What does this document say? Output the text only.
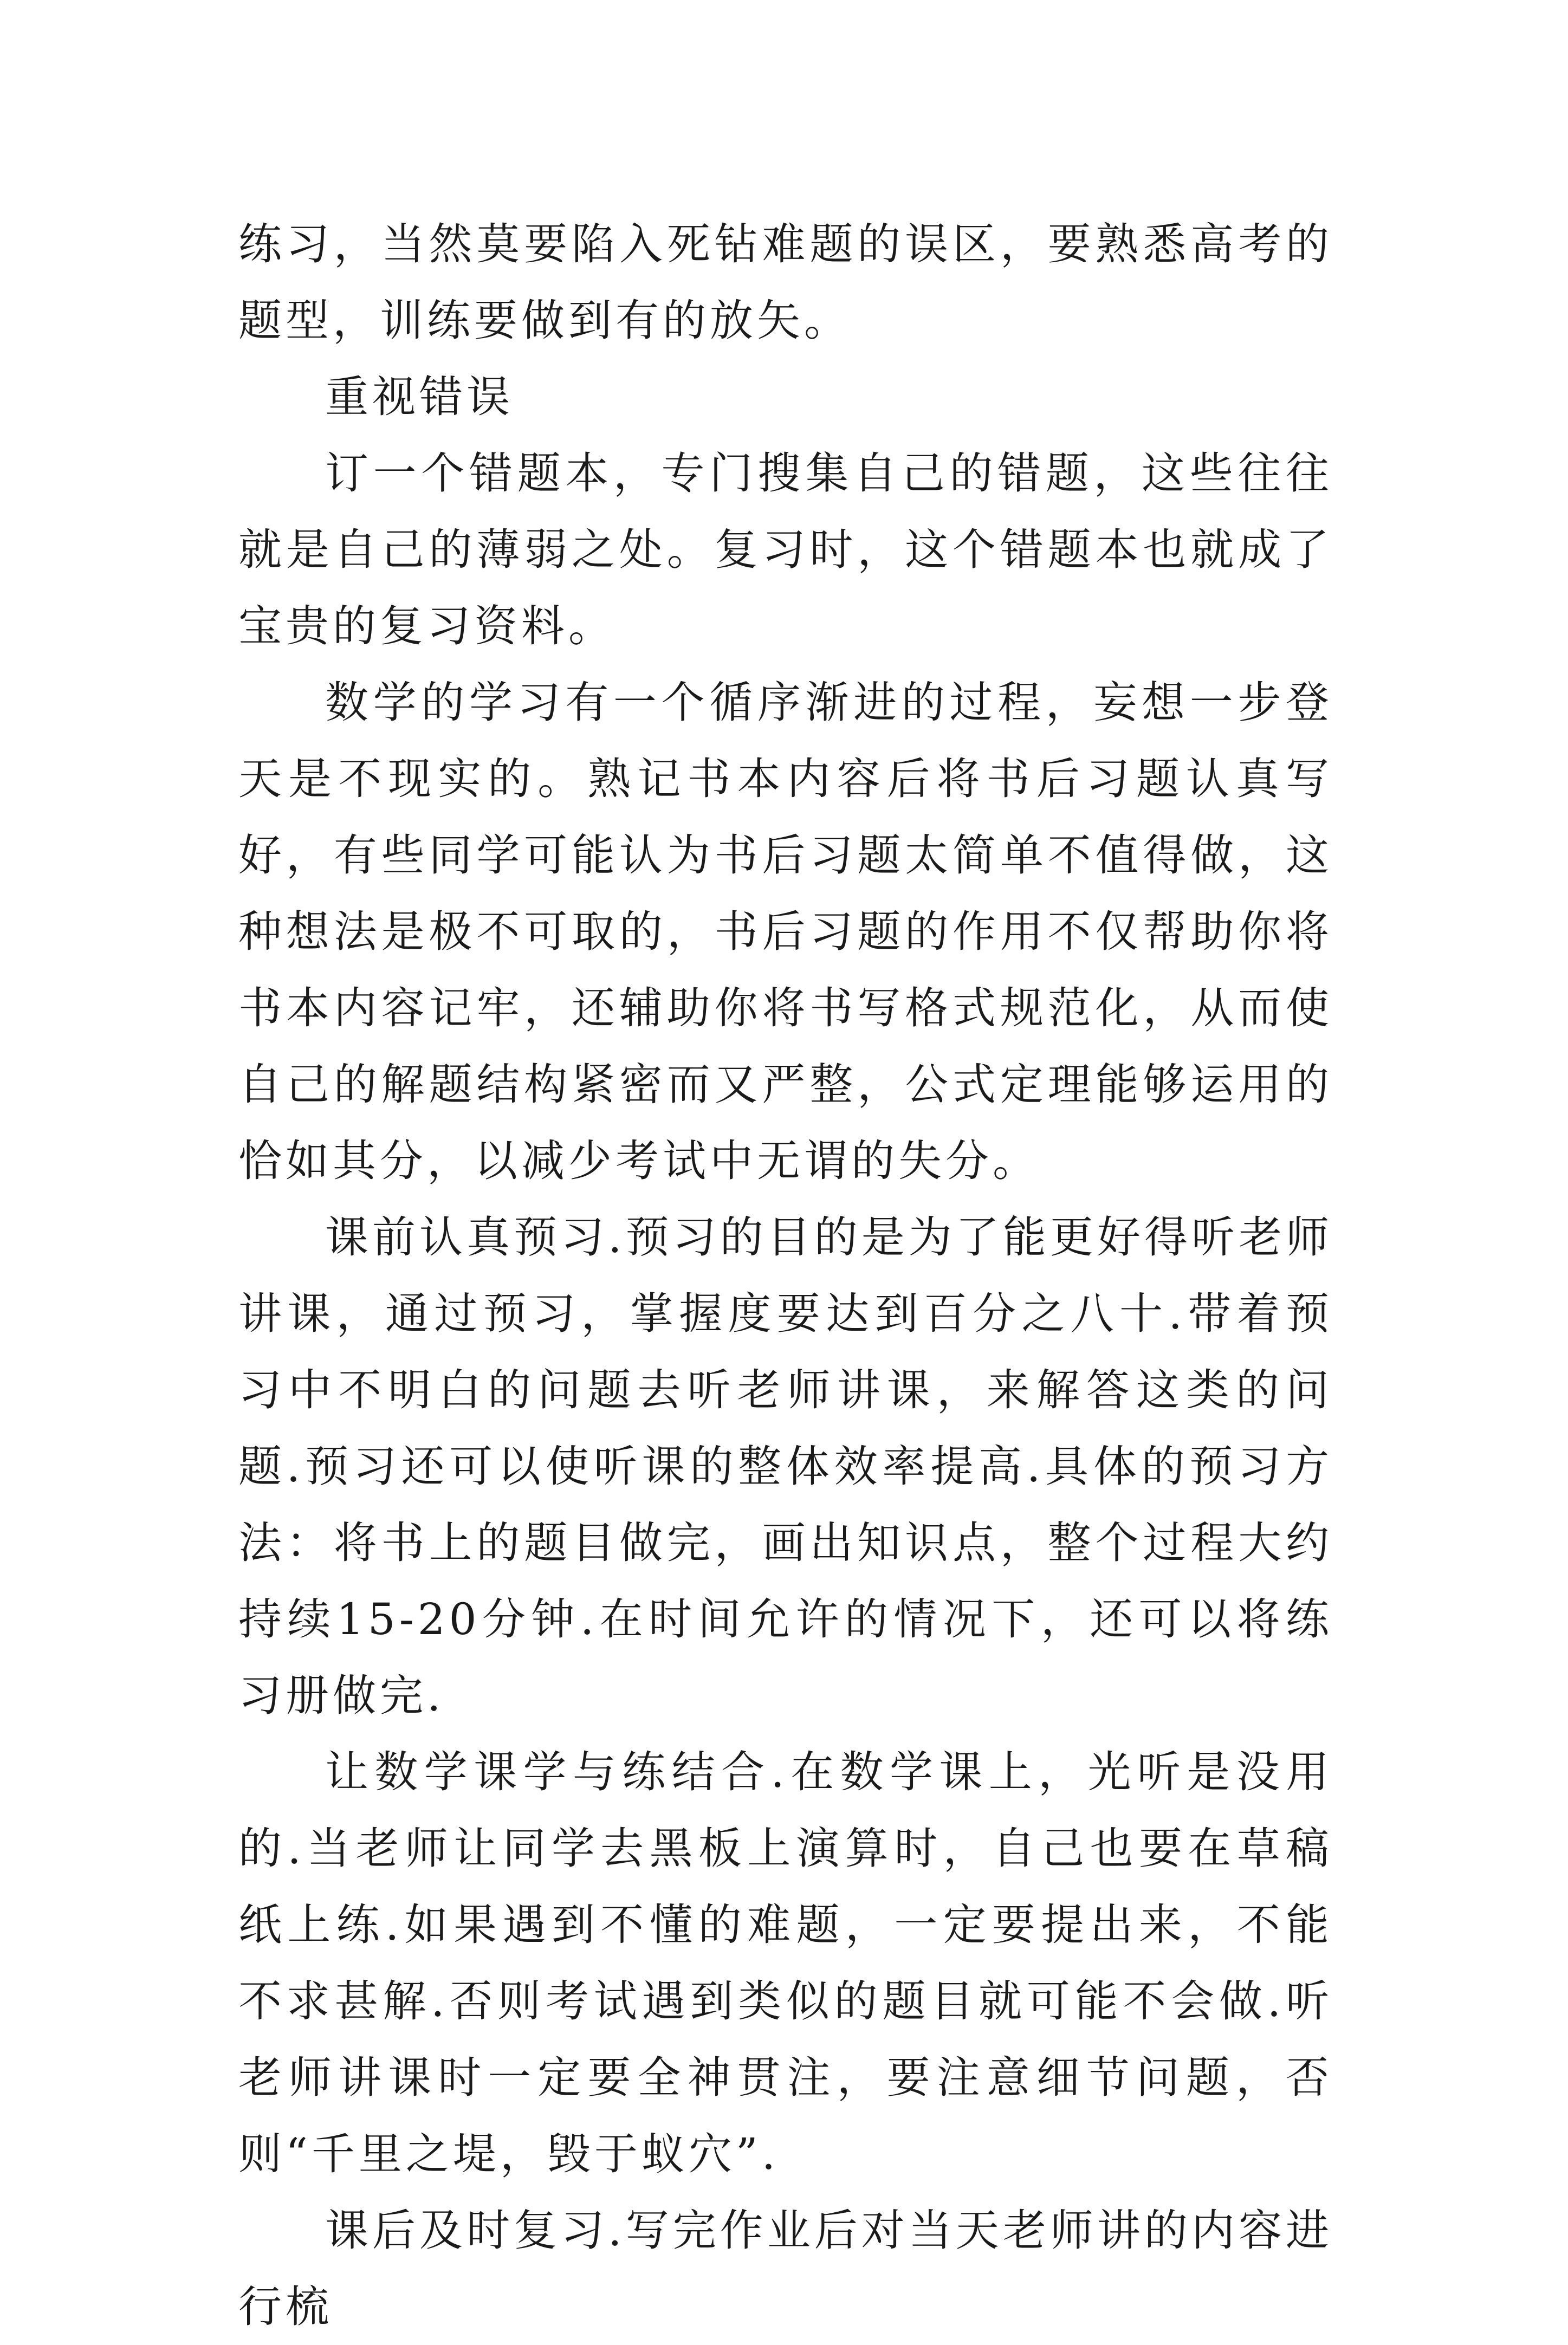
练习，当然莫要陷入死钻难题的误区，要熟悉高考的题型，训练要做到有的放矢。

重视错误

订一个错题本，专门搜集自己的错题，这些往往就是自己的薄弱之处。复习时，这个错题本也就成了宝贵的复习资料。

数学的学习有一个循序渐进的过程，妄想一步登天是不现实的。熟记书本内容后将书后习题认真写好，有些同学可能认为书后习题太简单不值得做，这种想法是极不可取的，书后习题的作用不仅帮助你将书本内容记牢，还辅助你将书写格式规范化，从而使自己的解题结构紧密而又严整，公式定理能够运用的恰如其分，以减少考试中无谓的失分。

课前认真预习.预习的目的是为了能更好得听老师讲课，通过预习，掌握度要达到百分之八十.带着预习中不明白的问题去听老师讲课，来解答这类的问题.预习还可以使听课的整体效率提高.具体的预习方法：将书上的题目做完，画出知识点，整个过程大约持续15-20分钟.在时间允许的情况下，还可以将练习册做完.

让数学课学与练结合.在数学课上，光听是没用的.当老师让同学去黑板上演算时，自己也要在草稿纸上练.如果遇到不懂的难题，一定要提出来，不能不求甚解.否则考试遇到类似的题目就可能不会做.听老师讲课时一定要全神贯注，要注意细节问题，否则“千里之堤，毁于蚁穴”.

课后及时复习.写完作业后对当天老师讲的内容进行梳
